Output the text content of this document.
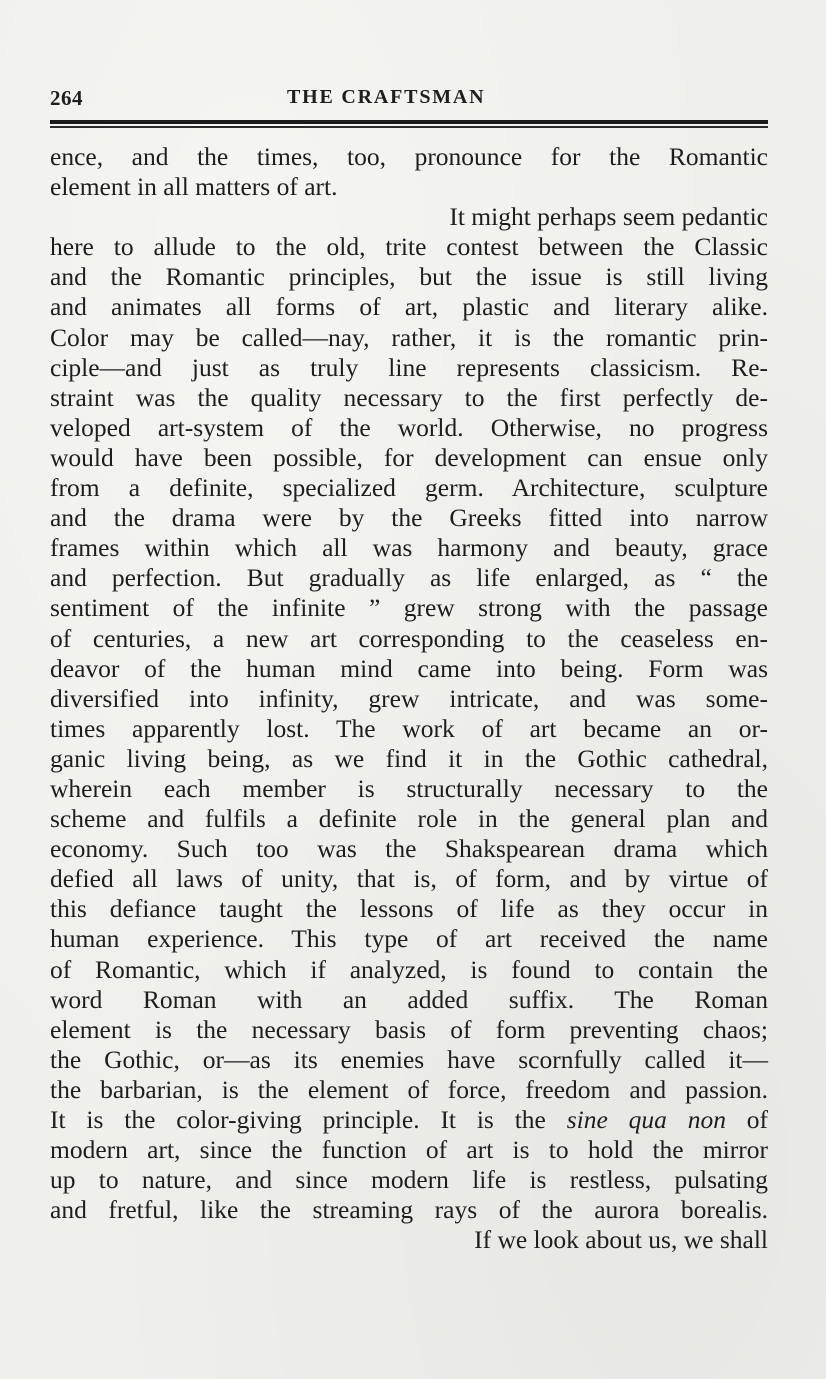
264	THE CRAFTSMAN
ence, and the times, too, pronounce for the Romantic
element in all matters of art.
It might perhaps seem pedantic
here to allude to the old, trite contest between the Classic
and the Romantic principles, but the issue is still living
and animates all forms of art, plastic and literary alike.
Color may be called—nay, rather, it is the romantic prin-
ciple—and just as truly line represents classicism. Re-
straint was the quality necessary to the first perfectly de-
veloped art-system of the world. Otherwise, no progress
would have been possible, for development can ensue only
from a definite, specialized germ. Architecture, sculpture
and the drama were by the Greeks fitted into narrow
frames within which all was harmony and beauty, grace
and perfection. But gradually as life enlarged, as “ the
sentiment of the infinite ” grew strong with the passage
of centuries, a new art corresponding to the ceaseless en-
deavor of the human mind came into being. Form was
diversified into infinity, grew intricate, and was some-
times apparently lost. The work of art became an or-
ganic living being, as we find it in the Gothic cathedral,
wherein each member is structurally necessary to the
scheme and fulfils a definite role in the general plan and
economy. Such too was the Shakspearean drama which
defied all laws of unity, that is, of form, and by virtue of
this defiance taught the lessons of life as they occur in
human experience. This type of art received the name
of Romantic, which if analyzed, is found to contain the
word Roman with an added suffix. The Roman
element is the necessary basis of form preventing chaos;
the Gothic, or—as its enemies have scornfully called it—
the barbarian, is the element of force, freedom and passion.
It is the color-giving principle. It is the sine qua non of
modern art, since the function of art is to hold the mirror
up to nature, and since modern life is restless, pulsating
and fretful, like the streaming rays of the aurora borealis.
If we look about us, we shall
